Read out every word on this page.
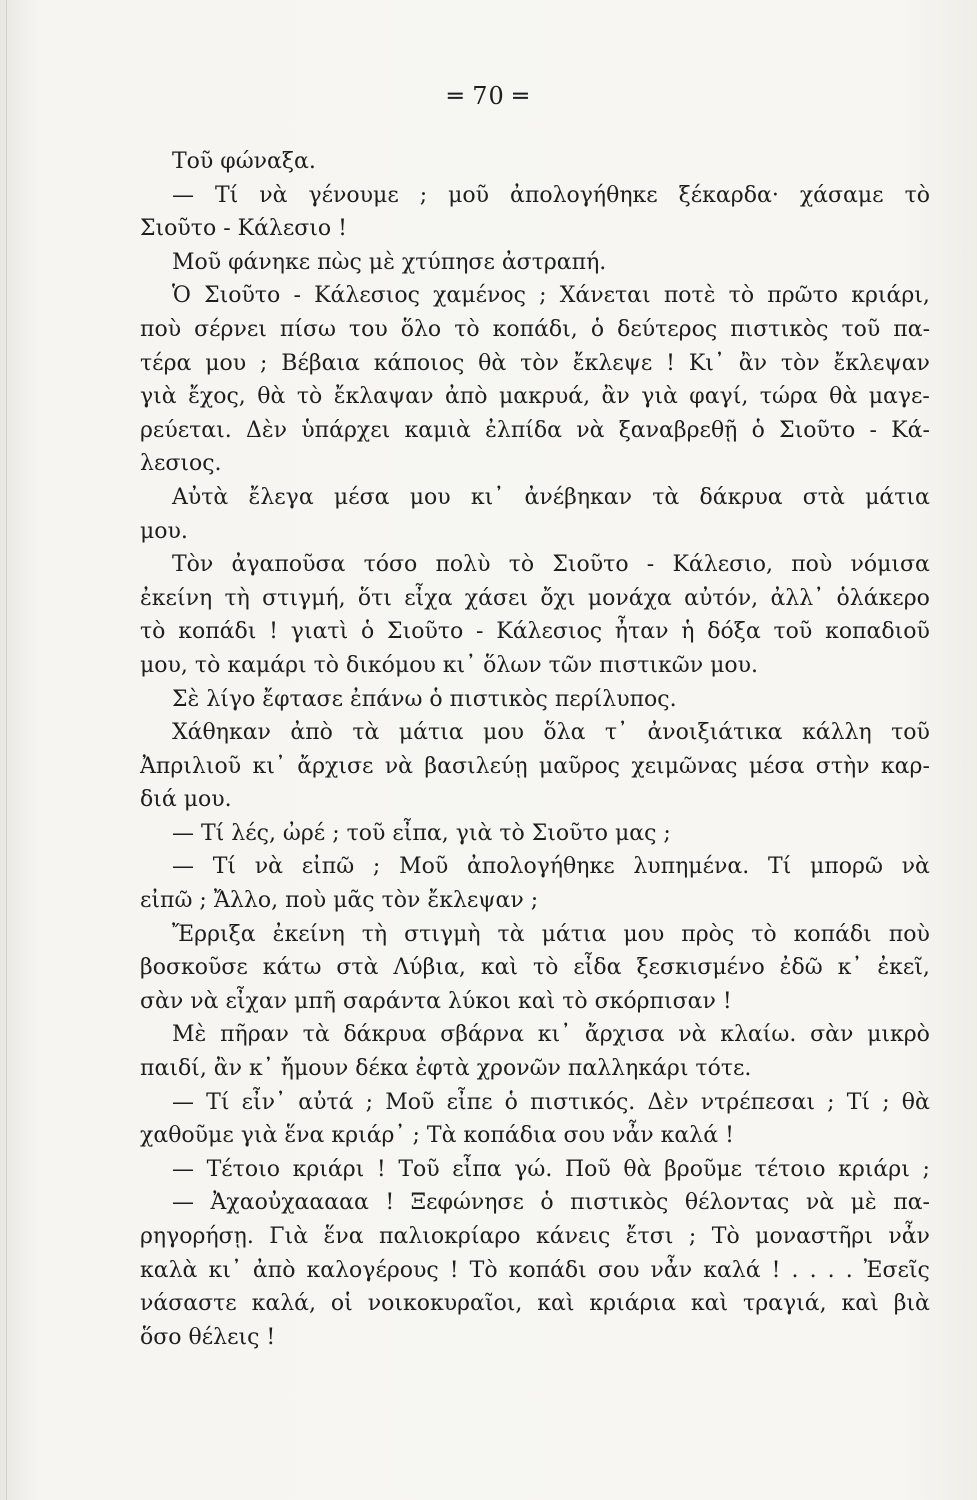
═ 70 ═
Τοῦ φώναξα.
— Τί νὰ γένουμε ; μοῦ ἀπολογήθηκε ξέκαρδα· χάσαμε τὸ
Σιοῦτο - Κάλεσιο !
Μοῦ φάνηκε πὼς μὲ χτύπησε ἀστραπή.
Ὁ Σιοῦτο - Κάλεσιος χαμένος ; Χάνεται ποτὲ τὸ πρῶτο κριάρι,
ποὺ σέρνει πίσω του ὅλο τὸ κοπάδι, ὁ δεύτερος πιστικὸς τοῦ πα-
τέρα μου ; Βέβαια κάποιος θὰ τὸν ἔκλεψε ! Κι᾿ ἂν τὸν ἔκλεψαν
γιὰ ἔχος, θὰ τὸ ἔκλαψαν ἀπὸ μακρυά, ἂν γιὰ φαγί, τώρα θὰ μαγε-
ρεύεται. Δὲν ὑπάρχει καμιὰ ἐλπίδα νὰ ξαναβρεθῇ ὁ Σιοῦτο - Κά-
λεσιος.
Αὐτὰ ἔλεγα μέσα μου κι᾿ ἀνέβηκαν τὰ δάκρυα στὰ μάτια
μου.
Τὸν ἀγαποῦσα τόσο πολὺ τὸ Σιοῦτο - Κάλεσιο, ποὺ νόμισα
ἐκείνη τὴ στιγμή, ὅτι εἶχα χάσει ὄχι μονάχα αὐτόν, ἀλλ᾿ ὁλάκερο
τὸ κοπάδι ! γιατὶ ὁ Σιοῦτο - Κάλεσιος ἦταν ἡ δόξα τοῦ κοπαδιοῦ
μου, τὸ καμάρι τὸ δικόμου κι᾿ ὅλων τῶν πιστικῶν μου.
Σὲ λίγο ἔφτασε ἐπάνω ὁ πιστικὸς περίλυπος.
Χάθηκαν ἀπὸ τὰ μάτια μου ὅλα τ᾿ ἀνοιξιάτικα κάλλη τοῦ
Ἀπριλιοῦ κι᾿ ἄρχισε νὰ βασιλεύῃ μαῦρος χειμῶνας μέσα στὴν καρ-
διά μου.
— Τί λές, ὠρέ ; τοῦ εἶπα, γιὰ τὸ Σιοῦτο μας ;
— Τί νὰ εἰπῶ ; Μοῦ ἀπολογήθηκε λυπημένα. Τί μπορῶ νὰ
εἰπῶ ; Ἄλλο, ποὺ μᾶς τὸν ἔκλεψαν ;
Ἔρριξα ἐκείνη τὴ στιγμὴ τὰ μάτια μου πρὸς τὸ κοπάδι ποὺ
βοσκοῦσε κάτω στὰ Λύβια, καὶ τὸ εἶδα ξεσκισμένο ἐδῶ κ᾿ ἐκεῖ,
σὰν νὰ εἶχαν μπῆ σαράντα λύκοι καὶ τὸ σκόρπισαν !
Μὲ πῆραν τὰ δάκρυα σβάρνα κι᾿ ἄρχισα νὰ κλαίω. σὰν μικρὸ
παιδί, ἂν κ᾿ ἤμουν δέκα ἐφτὰ χρονῶν παλληκάρι τότε.
— Τί εἶν᾿ αὐτά ; Μοῦ εἶπε ὁ πιστικός. Δὲν ντρέπεσαι ; Τί ; θὰ
χαθοῦμε γιὰ ἕνα κριάρ᾿ ; Τὰ κοπάδια σου νἆν καλά !
— Τέτοιο κριάρι ! Τοῦ εἶπα γώ. Ποῦ θὰ βροῦμε τέτοιο κριάρι ;
— Ἀχαοὐχααααα ! Ξεφώνησε ὁ πιστικὸς θέλοντας νὰ μὲ πα-
ρηγορήσῃ. Γιὰ ἕνα παλιοκρίαρο κάνεις ἔτσι ; Τὸ μοναστῆρι νἆν
καλὰ κι᾿ ἀπὸ καλογέρους ! Τὸ κοπάδι σου νἆν καλά ! . . . . Ἐσεῖς
νάσαστε καλά, οἱ νοικοκυραῖοι, καὶ κριάρια καὶ τραγιά, καὶ βιὰ
ὅσο θέλεις !
